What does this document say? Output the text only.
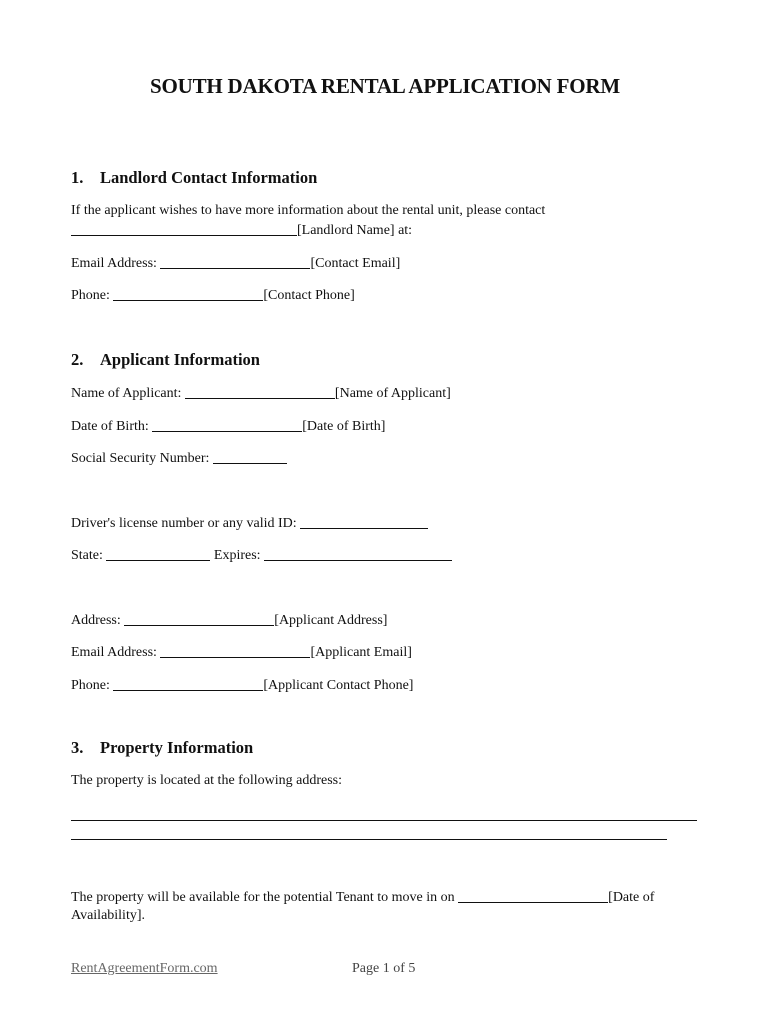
SOUTH DAKOTA RENTAL APPLICATION FORM
1. Landlord Contact Information
If the applicant wishes to have more information about the rental unit, please contact
[Landlord Name] at:
Email Address:	[Contact Email]
Phone:	[Contact Phone]
2. Applicant Information
Name of Applicant:	[Name of Applicant]
Date of Birth:	[Date of Birth]
Social Security Number:
Driver's license number or any valid ID:
State:	Expires:
Address:	[Applicant Address]
Email Address:	[Applicant Email]
Phone:	[Applicant Contact Phone]
3. Property Information
The property is located at the following address:
The property will be available for the potential Tenant to move in on	[Date of
Availability].
RentAgreementForm.com	Page 1 of 5
